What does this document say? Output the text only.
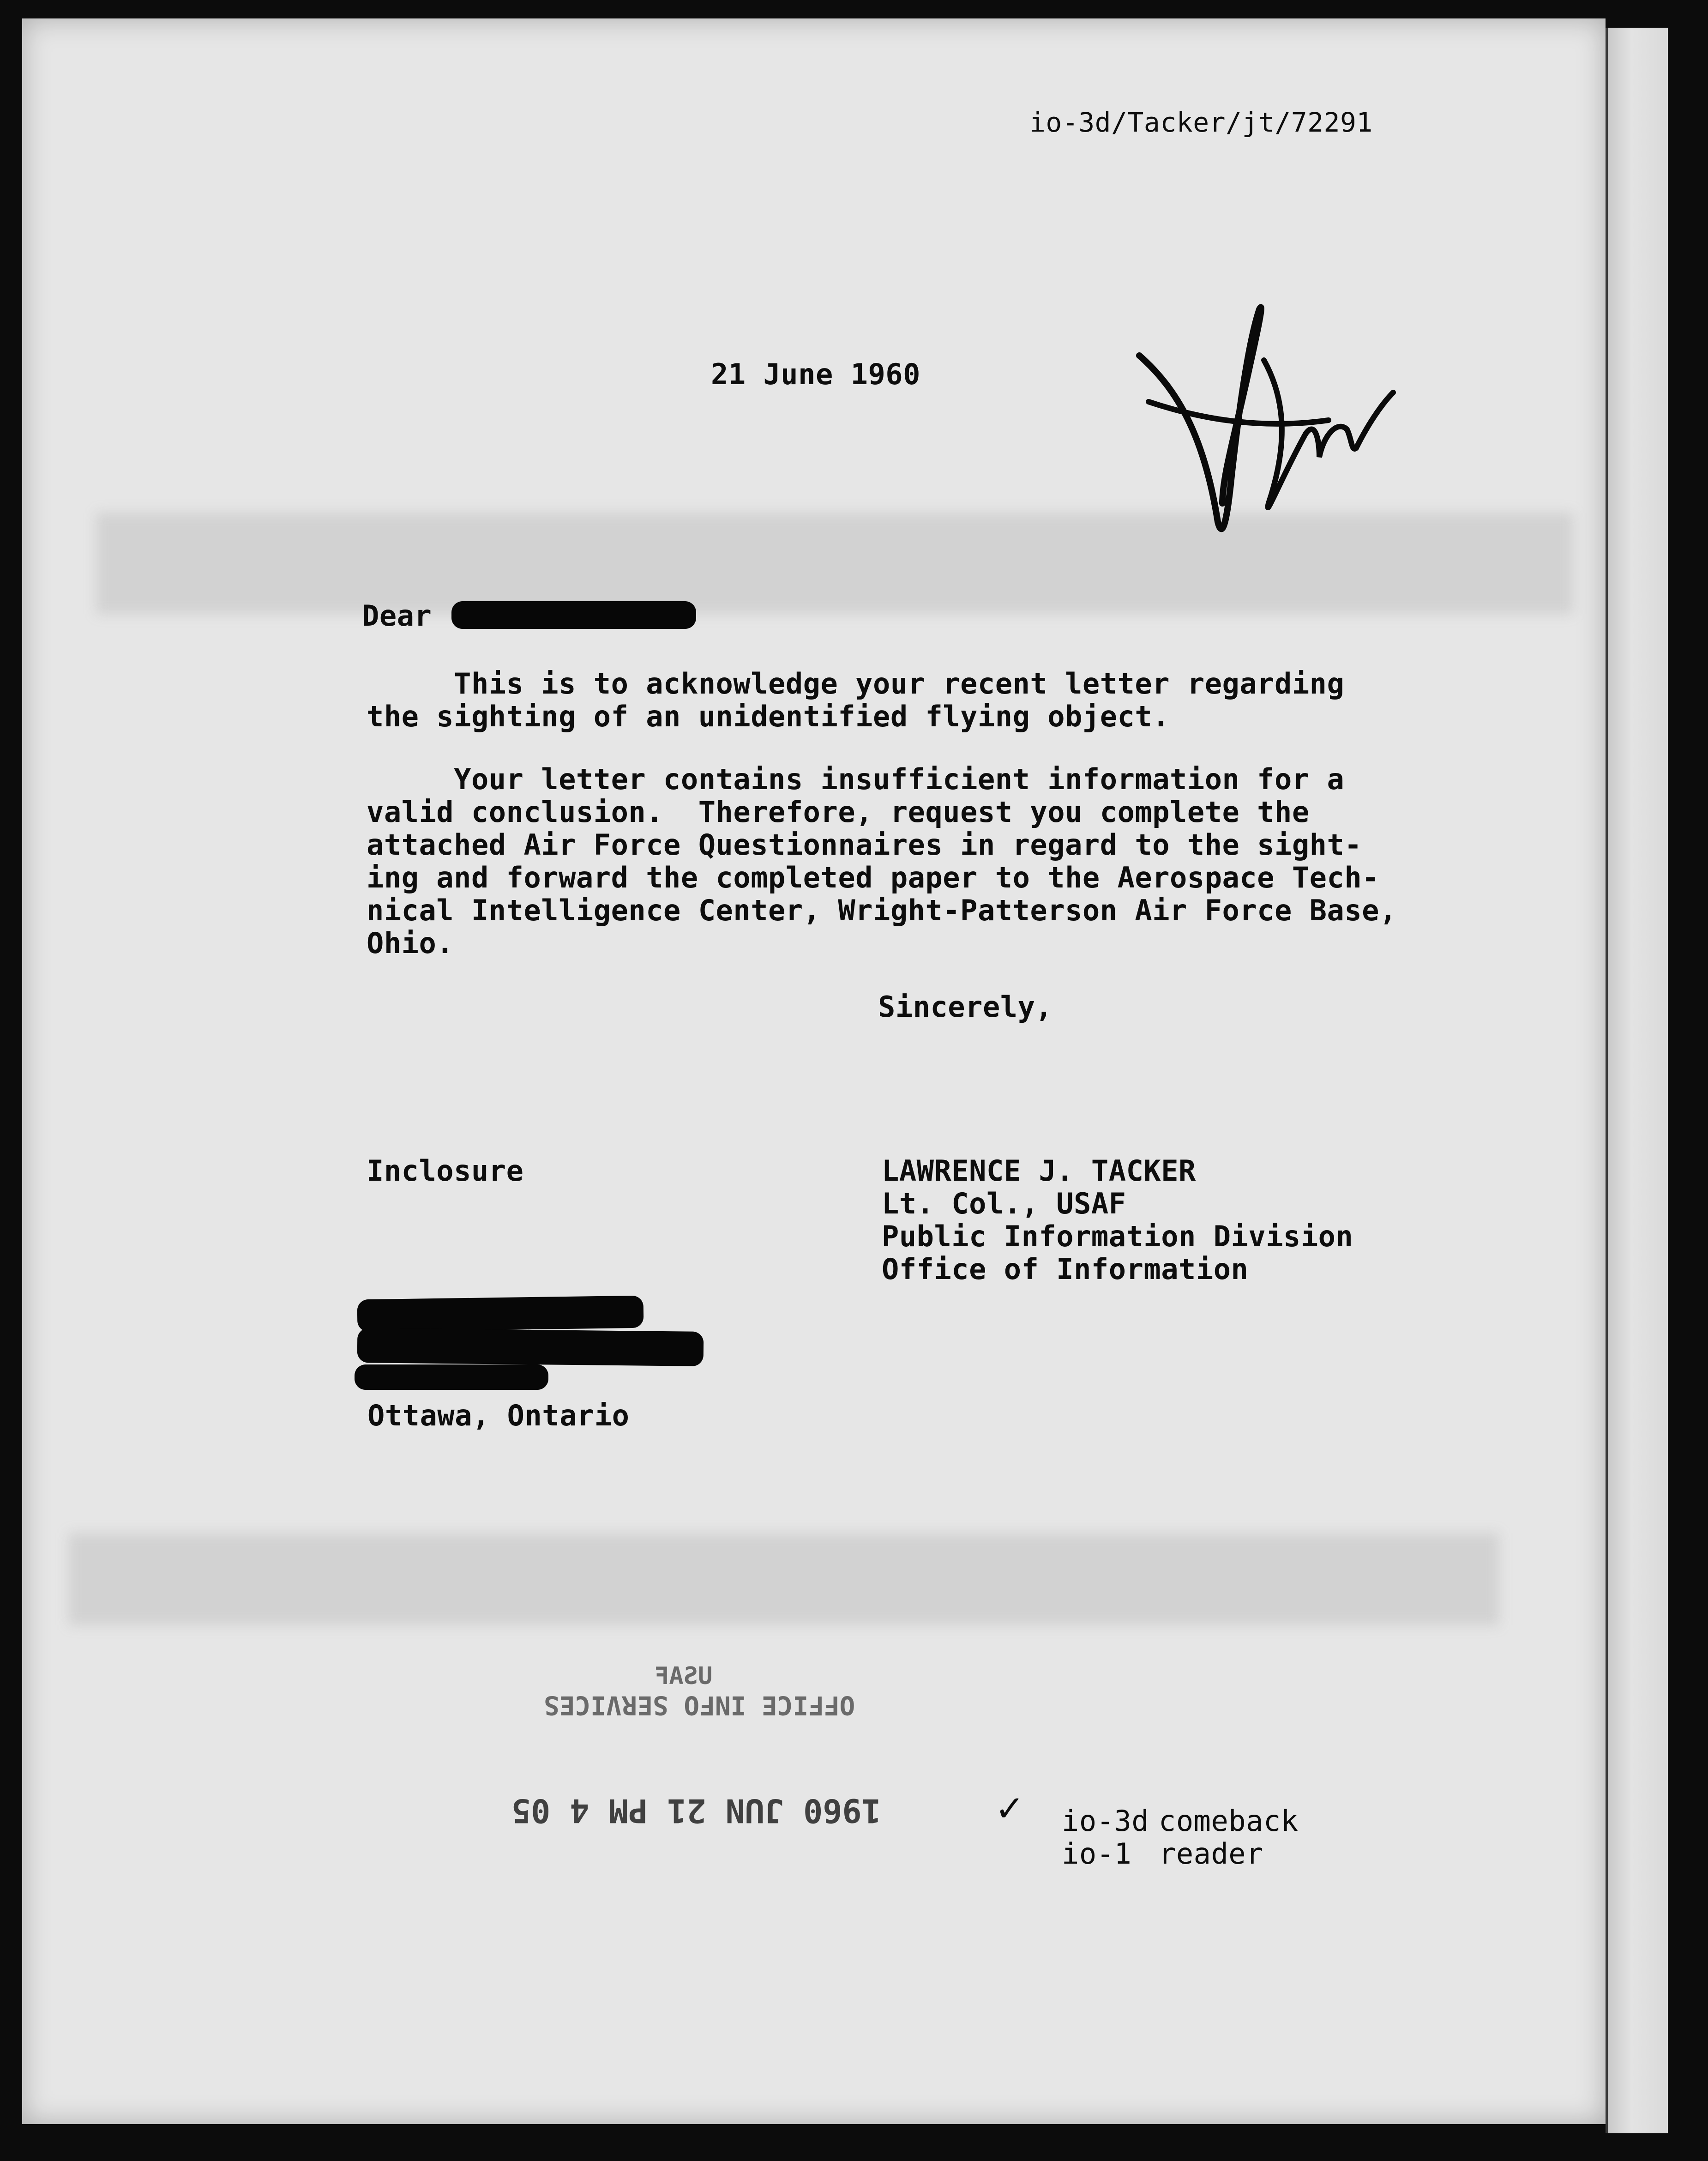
io-3d/Tacker/jt/72291
21 June 1960
Dear
This is to acknowledge your recent letter regarding
the sighting of an unidentified flying object.
Your letter contains insufficient information for a
valid conclusion.  Therefore, request you complete the
attached Air Force Questionnaires in regard to the sight-
ing and forward the completed paper to the Aerospace Tech-
nical Intelligence Center, Wright-Patterson Air Force Base,
Ohio.
Sincerely,
Inclosure	LAWRENCE J. TACKER
Lt. Col., USAF
Public Information Division
Office of Information
Ottawa, Ontario
USAF
OFFICE INFO SERVICES
1960 JUN 21 PM 4 05	✓ io-3d comeback
io-1 reader
